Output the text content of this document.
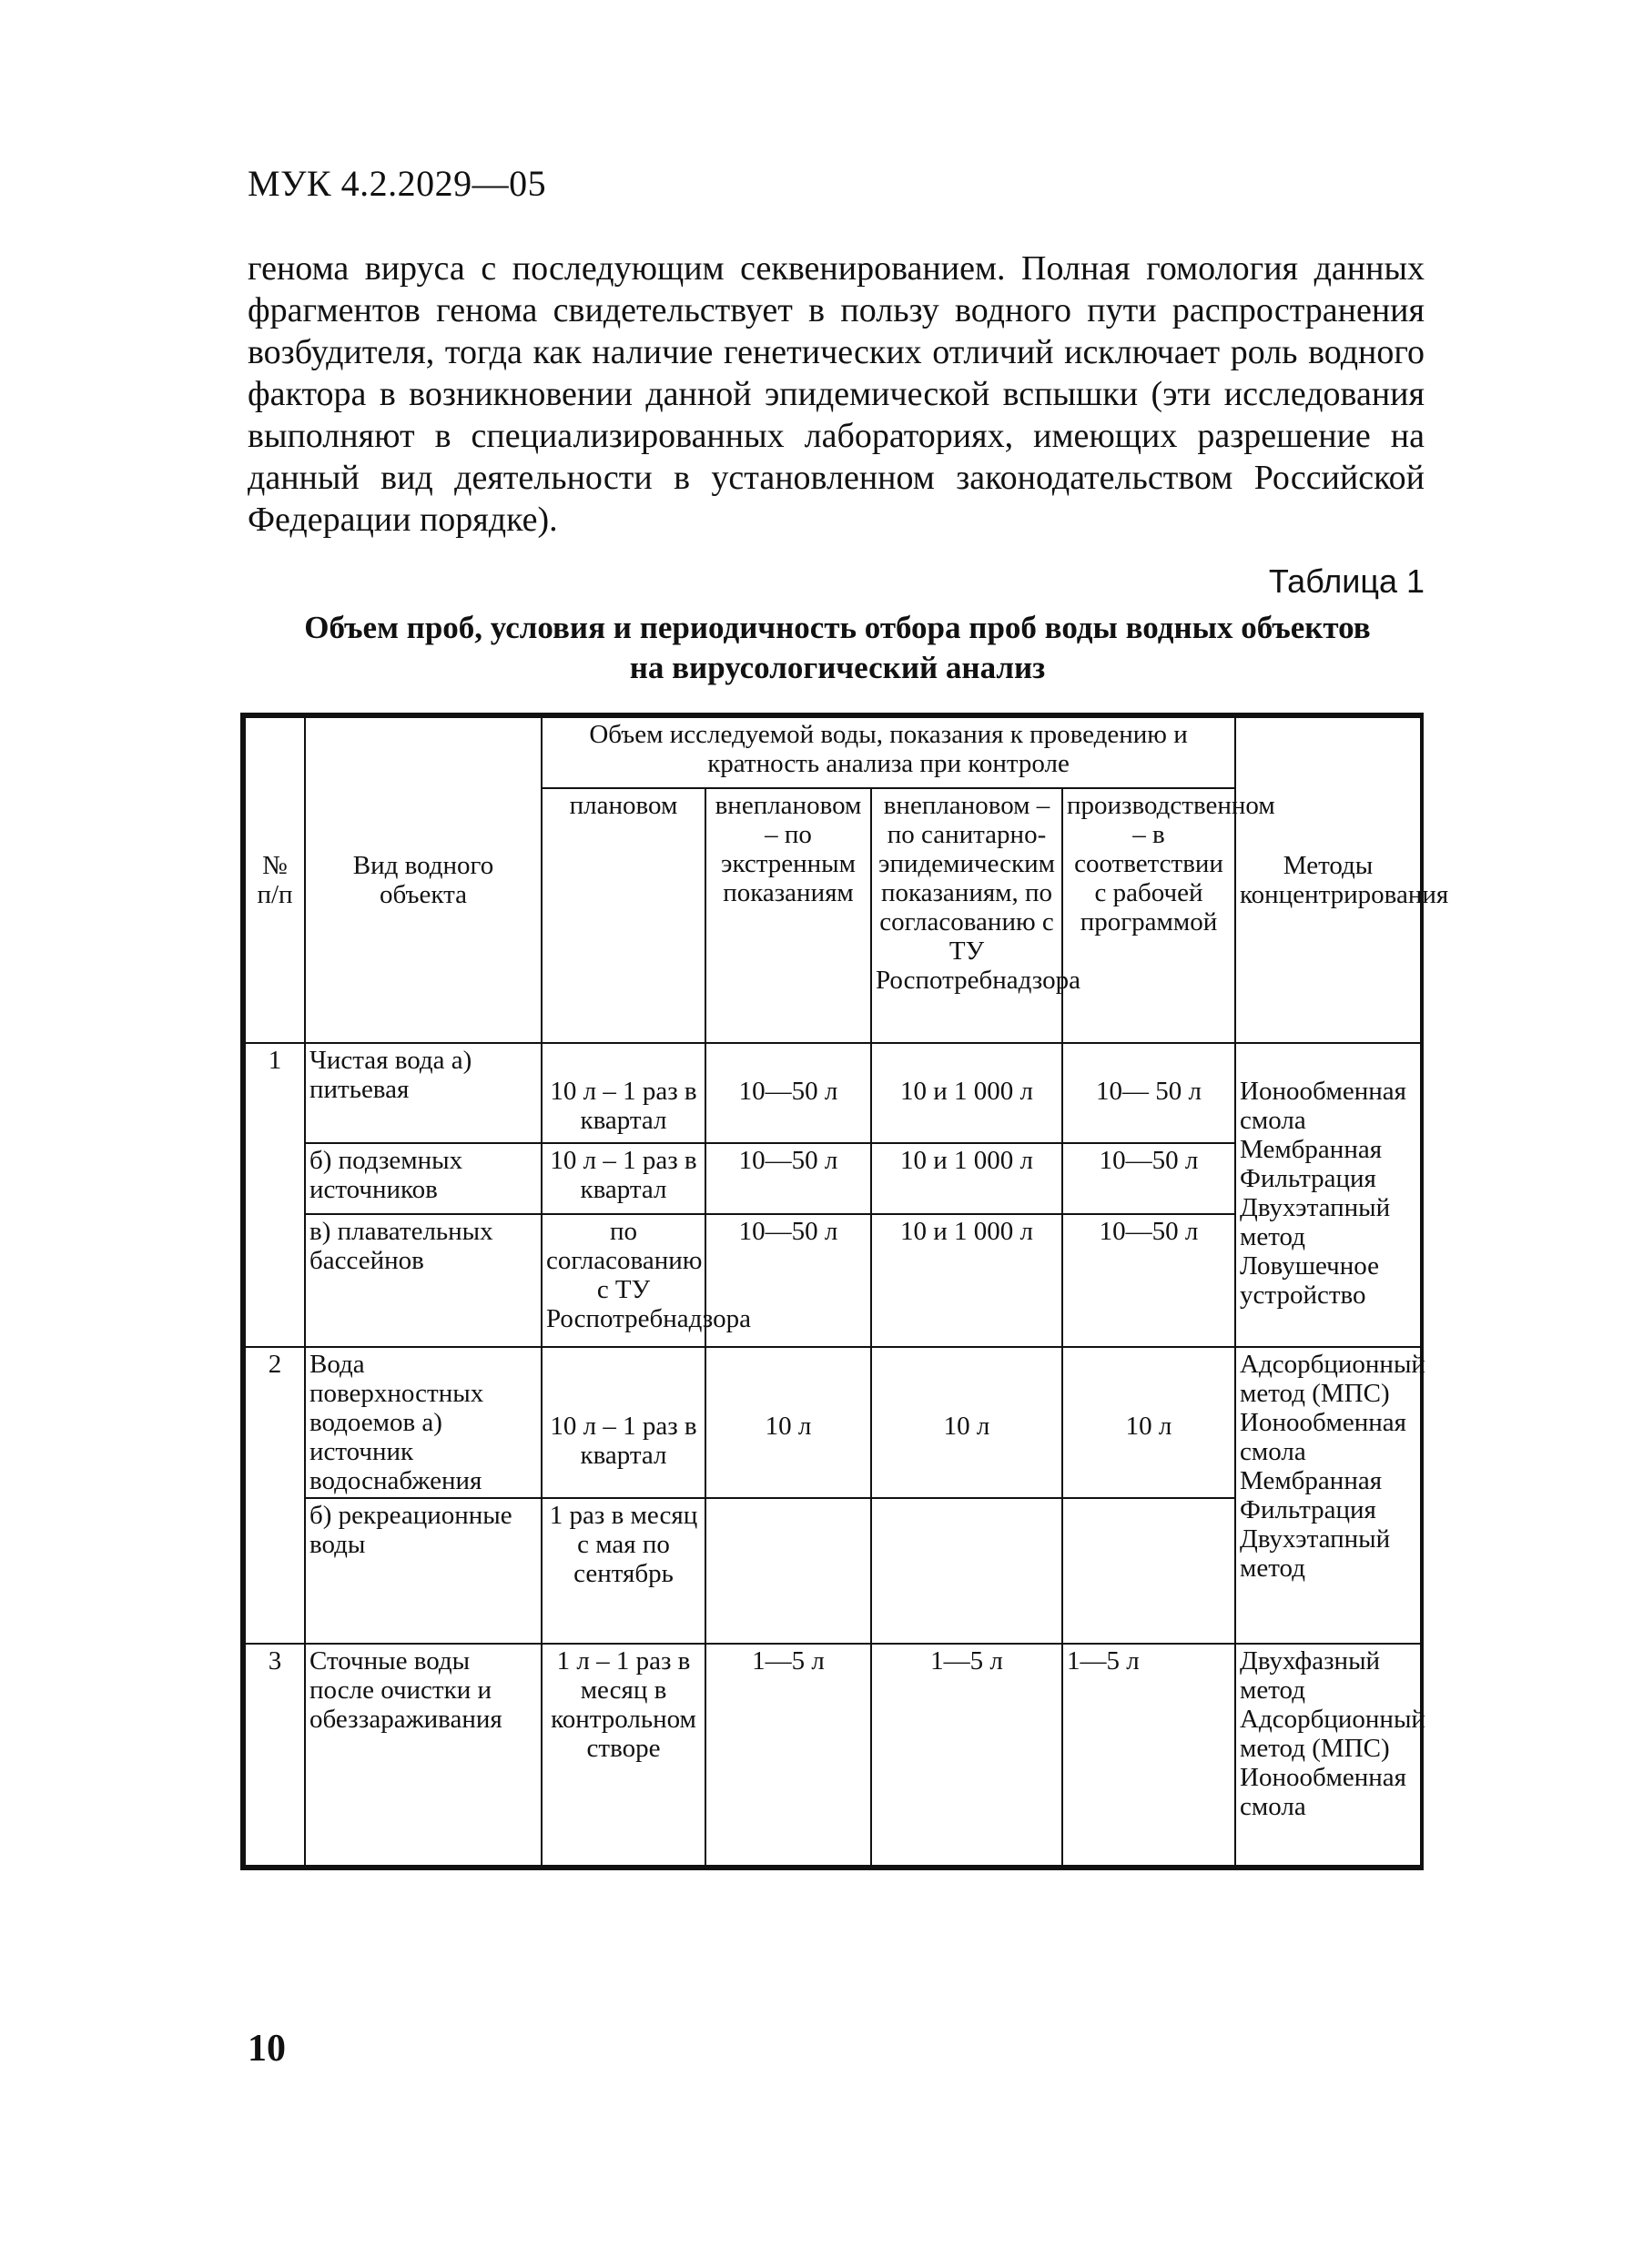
МУК 4.2.2029—05
генома вируса с последующим секвенированием. Полная гомология данных фрагментов генома свидетельствует в пользу водного пути распространения возбудителя, тогда как наличие генетических отличий исключает роль водного фактора в возникновении данной эпидемической вспышки (эти исследования выполняют в специализированных лабораториях, имеющих разрешение на данный вид деятельности в установленном законодательством Российской Федерации порядке).
Таблица 1
Объем проб, условия и периодичность отбора проб воды водных объектов
на вирусологический анализ
№ п/п	Вид водного объекта	Объем исследуемой воды, показания к проведению и кратность анализа при контроле				Методы концентрирования
		плановом	внеплановом – по экстренным показаниям	внеплановом – по санитарно-эпидемическим показаниям, по согласованию с ТУ Роспотребнадзора	производственном – в соответствии с рабочей программой	
1	Чистая вода а) питьевая	10 л – 1 раз в квартал	10—50 л	10 и 1 000 л	10— 50 л	Ионообменная смола Мембранная Фильтрация Двухэтапный метод Ловушечное устройство
	б) подземных источников	10 л – 1 раз в квартал	10—50 л	10 и 1 000 л	10—50 л	
	в) плавательных бассейнов	по согласованию с ТУ Роспотребнадзора	10—50 л	10 и 1 000 л	10—50 л	
2	Вода поверхностных водоемов а) источник водоснабжения	10 л – 1 раз в квартал	10 л	10 л	10 л	Адсорбционный метод (МПС) Ионообменная смола Мембранная Фильтрация Двухэтапный метод
	б) рекреационные воды	1 раз в месяц с мая по сентябрь				
3	Сточные воды после очистки и обеззараживания	1 л – 1 раз в месяц в контрольном створе	1—5 л	1—5 л	1—5 л	Двухфазный метод Адсорбционный метод (МПС) Ионообменная смола
10
